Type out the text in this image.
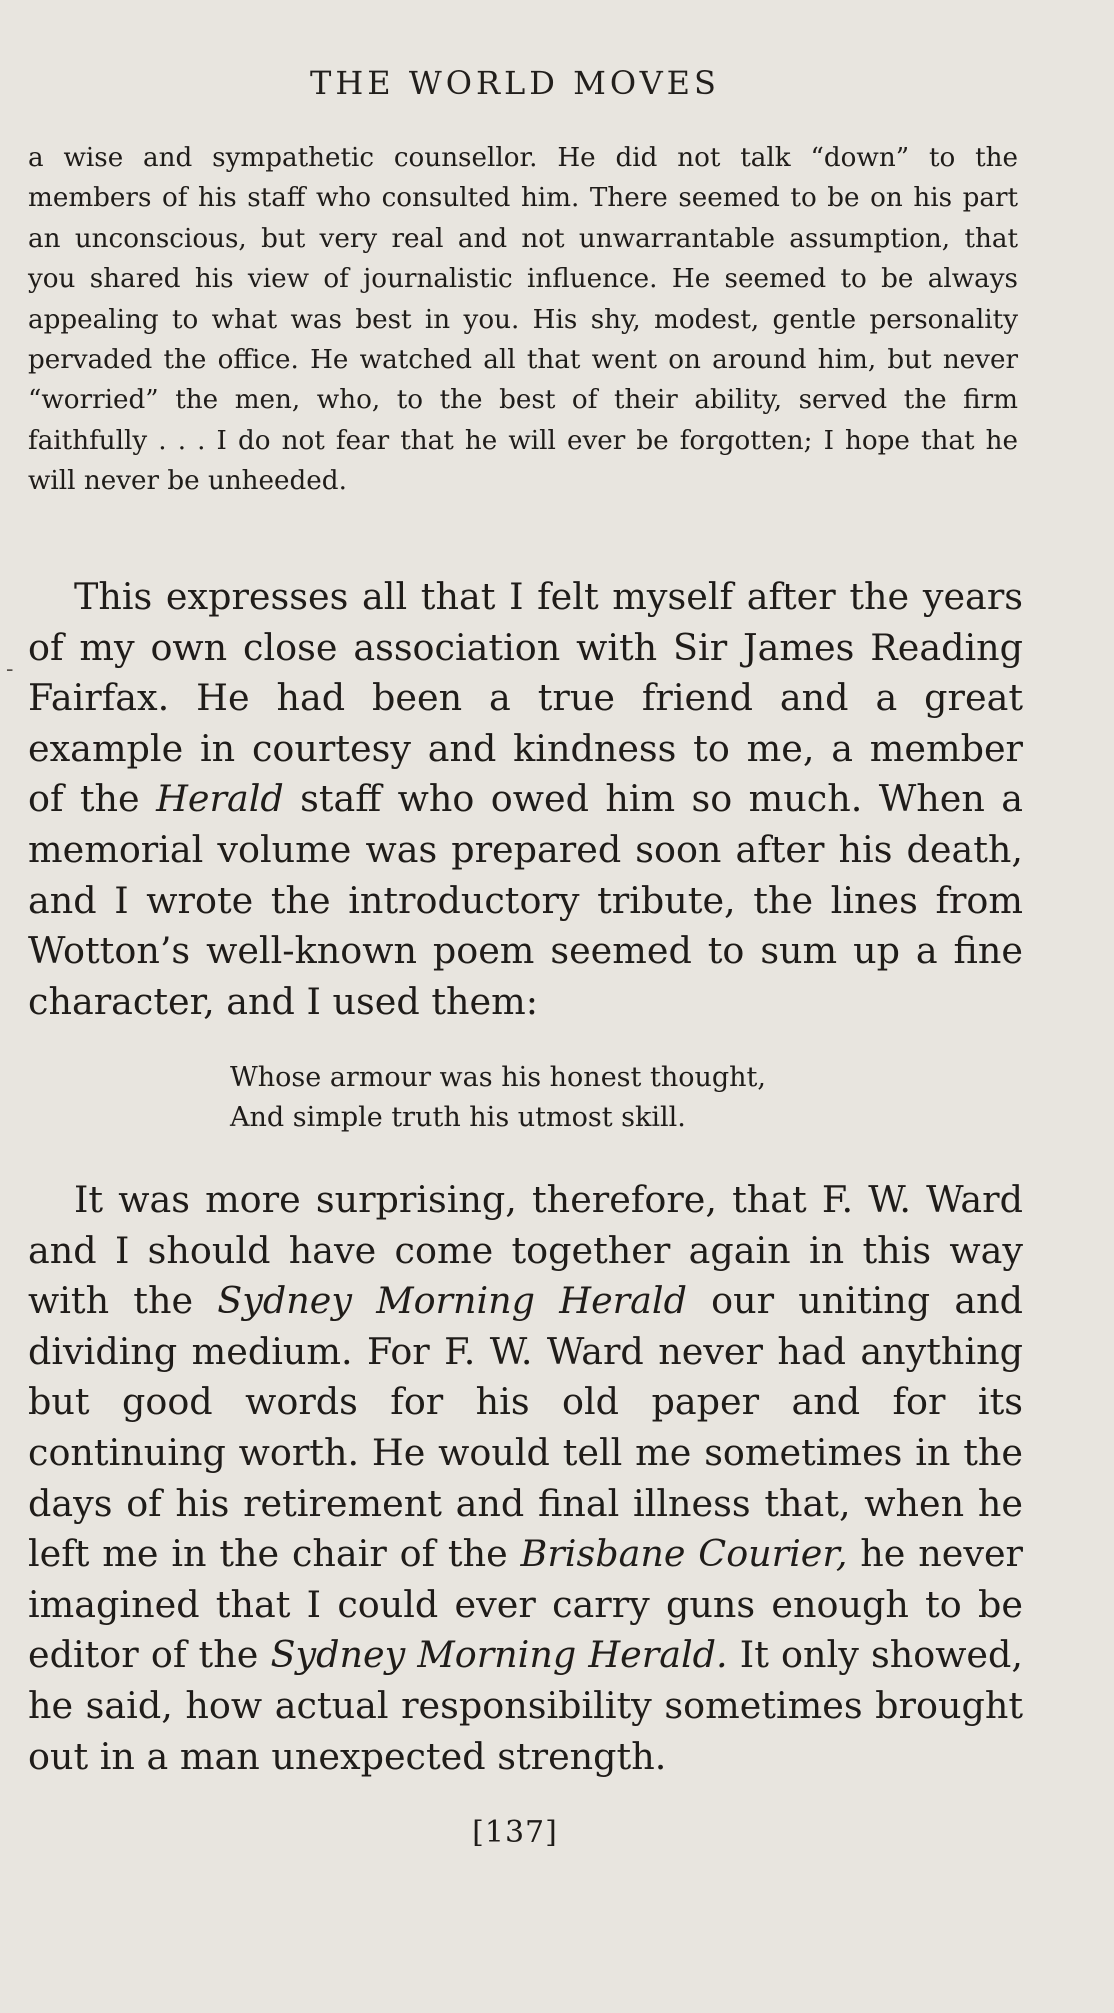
THE WORLD MOVES

a wise and sympathetic counsellor. He did not talk “down” to the members of his staff who consulted him. There seemed to be on his part an unconscious, but very real and not unwarrantable assumption, that you shared his view of journalistic influence. He seemed to be always appealing to what was best in you. His shy, modest, gentle personality pervaded the office. He watched all that went on around him, but never “worried” the men, who, to the best of their ability, served the firm faithfully . . . I do not fear that he will ever be forgotten; I hope that he will never be unheeded.

-

This expresses all that I felt myself after the years of my own close association with Sir James Reading Fairfax. He had been a true friend and a great example in courtesy and kindness to me, a member of the Herald staff who owed him so much. When a memorial volume was prepared soon after his death, and I wrote the introductory tribute, the lines from Wotton’s well-known poem seemed to sum up a fine character, and I used them:

Whose armour was his honest thought,
And simple truth his utmost skill.

It was more surprising, therefore, that F. W. Ward and I should have come together again in this way with the Sydney Morning Herald our uniting and dividing medium. For F. W. Ward never had anything but good words for his old paper and for its continuing worth. He would tell me sometimes in the days of his retirement and final illness that, when he left me in the chair of the Brisbane Courier, he never imagined that I could ever carry guns enough to be editor of the Sydney Morning Herald. It only showed, he said, how actual responsibility sometimes brought out in a man unexpected strength.

[137]
